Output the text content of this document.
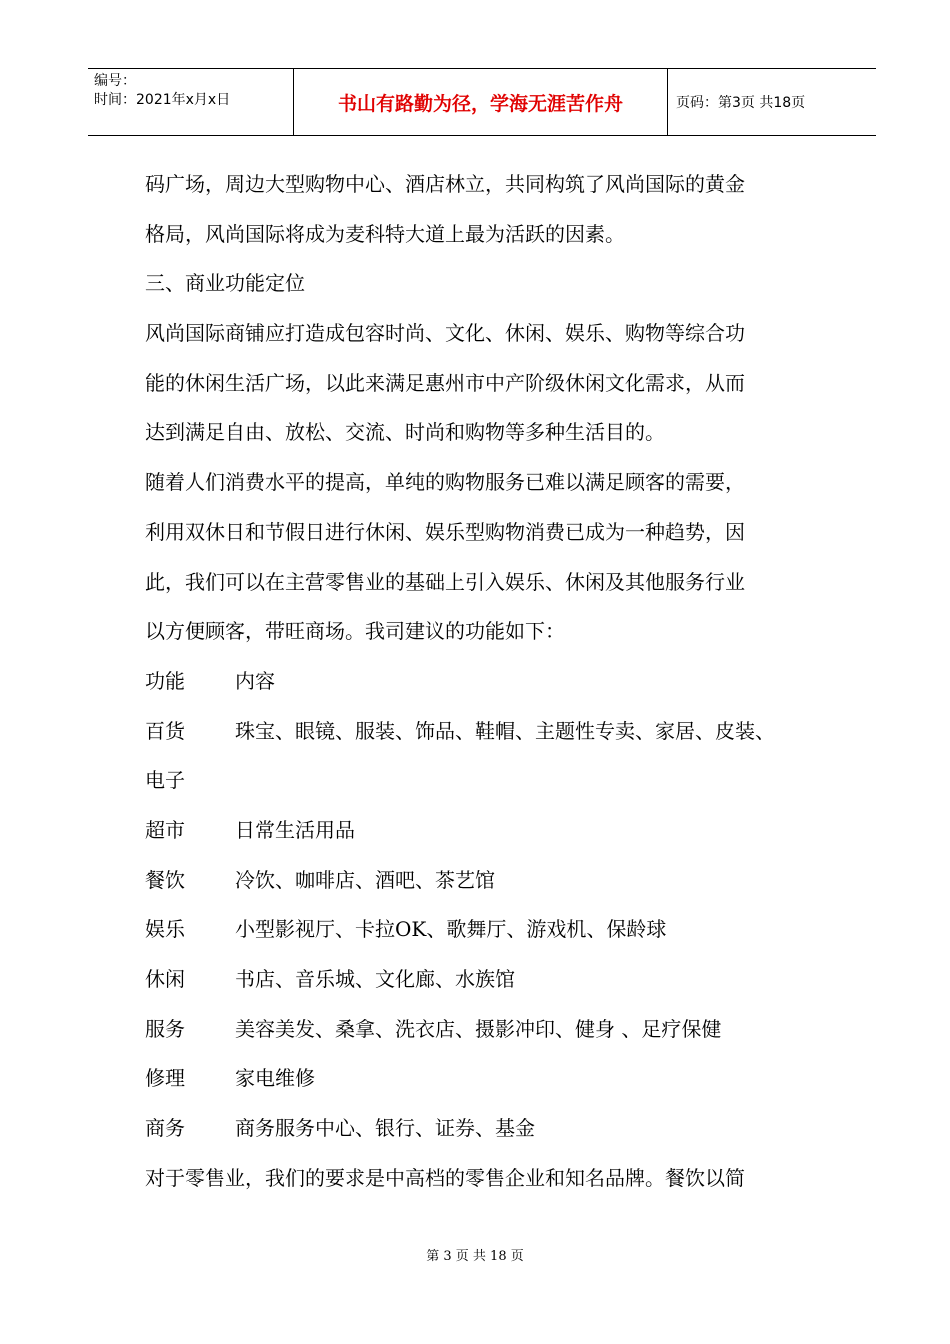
编号：
时间：2021年x月x日	书山有路勤为径，学海无涯苦作舟	页码：第3页 共18页
码广场，周边大型购物中心、酒店林立，共同构筑了风尚国际的黄金
格局，风尚国际将成为麦科特大道上最为活跃的因素。
三、商业功能定位
风尚国际商铺应打造成包容时尚、文化、休闲、娱乐、购物等综合功
能的休闲生活广场，以此来满足惠州市中产阶级休闲文化需求，从而
达到满足自由、放松、交流、时尚和购物等多种生活目的。
随着人们消费水平的提高，单纯的购物服务已难以满足顾客的需要，
利用双休日和节假日进行休闲、娱乐型购物消费已成为一种趋势，因
此，我们可以在主营零售业的基础上引入娱乐、休闲及其他服务行业
以方便顾客，带旺商场。我司建议的功能如下：
功能	内容
百货	珠宝、眼镜、服装、饰品、鞋帽、主题性专卖、家居、皮装、
电子
超市	日常生活用品
餐饮	冷饮、咖啡店、酒吧、茶艺馆
娱乐	小型影视厅、卡拉OK、歌舞厅、游戏机、保龄球
休闲	书店、音乐城、文化廊、水族馆
服务	美容美发、桑拿、洗衣店、摄影冲印、健身 、足疗保健
修理	家电维修
商务	商务服务中心、银行、证券、基金
对于零售业，我们的要求是中高档的零售企业和知名品牌。餐饮以简
第 3 页 共 18 页
